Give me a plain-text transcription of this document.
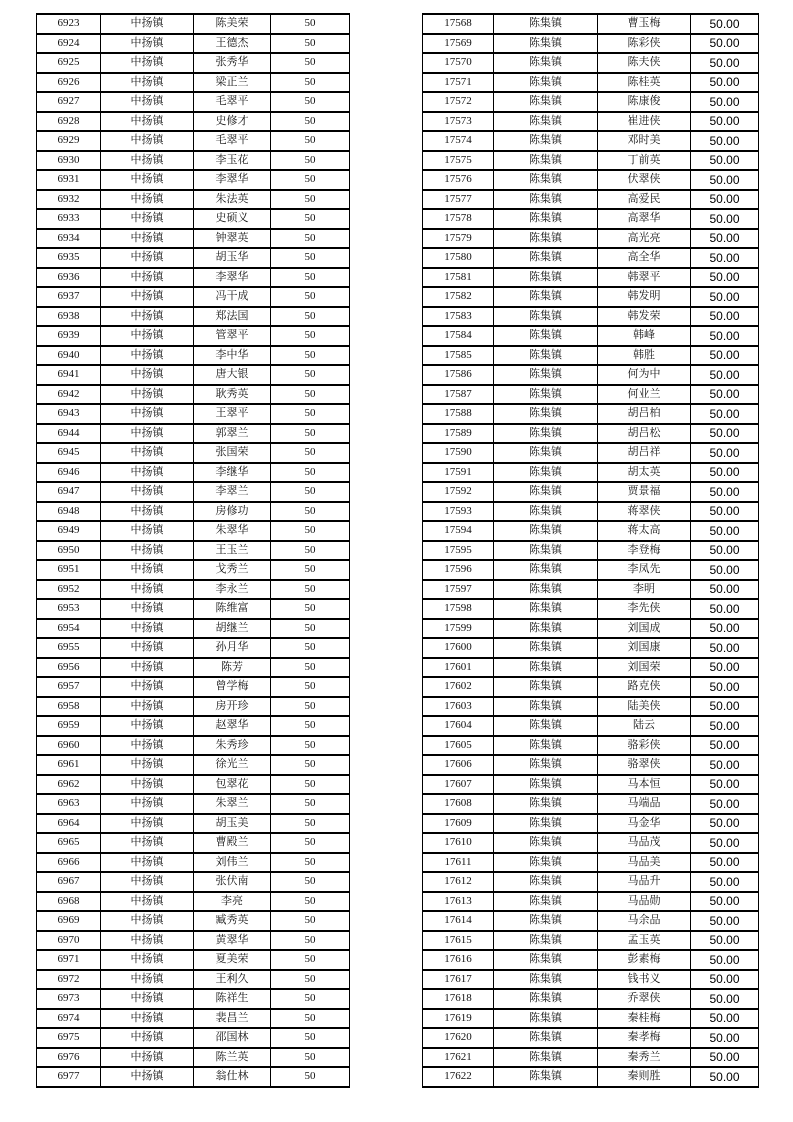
6923	中扬镇	陈美荣	50
6924	中扬镇	王德杰	50
6925	中扬镇	张秀华	50
6926	中扬镇	梁正兰	50
6927	中扬镇	毛翠平	50
6928	中扬镇	史修才	50
6929	中扬镇	毛翠平	50
6930	中扬镇	李玉花	50
6931	中扬镇	李翠华	50
6932	中扬镇	朱法英	50
6933	中扬镇	史硕义	50
6934	中扬镇	钟翠英	50
6935	中扬镇	胡玉华	50
6936	中扬镇	李翠华	50
6937	中扬镇	冯干成	50
6938	中扬镇	郑法国	50
6939	中扬镇	管翠平	50
6940	中扬镇	李中华	50
6941	中扬镇	唐大银	50
6942	中扬镇	耿秀英	50
6943	中扬镇	王翠平	50
6944	中扬镇	郭翠兰	50
6945	中扬镇	张国荣	50
6946	中扬镇	李继华	50
6947	中扬镇	李翠兰	50
6948	中扬镇	房修功	50
6949	中扬镇	朱翠华	50
6950	中扬镇	王玉兰	50
6951	中扬镇	戈秀兰	50
6952	中扬镇	李永兰	50
6953	中扬镇	陈维富	50
6954	中扬镇	胡继兰	50
6955	中扬镇	孙月华	50
6956	中扬镇	陈芳	50
6957	中扬镇	曾学梅	50
6958	中扬镇	房开珍	50
6959	中扬镇	赵翠华	50
6960	中扬镇	朱秀珍	50
6961	中扬镇	徐光兰	50
6962	中扬镇	包翠花	50
6963	中扬镇	朱翠兰	50
6964	中扬镇	胡玉美	50
6965	中扬镇	曹殿兰	50
6966	中扬镇	刘伟兰	50
6967	中扬镇	张伏南	50
6968	中扬镇	李亮	50
6969	中扬镇	臧秀英	50
6970	中扬镇	黄翠华	50
6971	中扬镇	夏美荣	50
6972	中扬镇	王利久	50
6973	中扬镇	陈祥生	50
6974	中扬镇	裴昌兰	50
6975	中扬镇	邵国林	50
6976	中扬镇	陈兰英	50
6977	中扬镇	翁仕林	50
17568	陈集镇	曹玉梅	50.00
17569	陈集镇	陈彩侠	50.00
17570	陈集镇	陈夫侠	50.00
17571	陈集镇	陈桂英	50.00
17572	陈集镇	陈康俊	50.00
17573	陈集镇	崔进侠	50.00
17574	陈集镇	邓时美	50.00
17575	陈集镇	丁前英	50.00
17576	陈集镇	伏翠侠	50.00
17577	陈集镇	高爱民	50.00
17578	陈集镇	高翠华	50.00
17579	陈集镇	高光亮	50.00
17580	陈集镇	高全华	50.00
17581	陈集镇	韩翠平	50.00
17582	陈集镇	韩发明	50.00
17583	陈集镇	韩发荣	50.00
17584	陈集镇	韩峰	50.00
17585	陈集镇	韩胜	50.00
17586	陈集镇	何为中	50.00
17587	陈集镇	何业兰	50.00
17588	陈集镇	胡吕柏	50.00
17589	陈集镇	胡吕松	50.00
17590	陈集镇	胡吕祥	50.00
17591	陈集镇	胡太英	50.00
17592	陈集镇	贾景福	50.00
17593	陈集镇	蒋翠侠	50.00
17594	陈集镇	蒋太高	50.00
17595	陈集镇	李登梅	50.00
17596	陈集镇	李凤先	50.00
17597	陈集镇	李明	50.00
17598	陈集镇	李先侠	50.00
17599	陈集镇	刘国成	50.00
17600	陈集镇	刘国康	50.00
17601	陈集镇	刘国荣	50.00
17602	陈集镇	路克侠	50.00
17603	陈集镇	陆美侠	50.00
17604	陈集镇	陆云	50.00
17605	陈集镇	骆彩侠	50.00
17606	陈集镇	骆翠侠	50.00
17607	陈集镇	马本恒	50.00
17608	陈集镇	马端品	50.00
17609	陈集镇	马金华	50.00
17610	陈集镇	马品茂	50.00
17611	陈集镇	马品美	50.00
17612	陈集镇	马品升	50.00
17613	陈集镇	马品勋	50.00
17614	陈集镇	马余品	50.00
17615	陈集镇	孟玉英	50.00
17616	陈集镇	彭素梅	50.00
17617	陈集镇	钱书义	50.00
17618	陈集镇	乔翠侠	50.00
17619	陈集镇	秦桂梅	50.00
17620	陈集镇	秦孝梅	50.00
17621	陈集镇	秦秀兰	50.00
17622	陈集镇	秦则胜	50.00
